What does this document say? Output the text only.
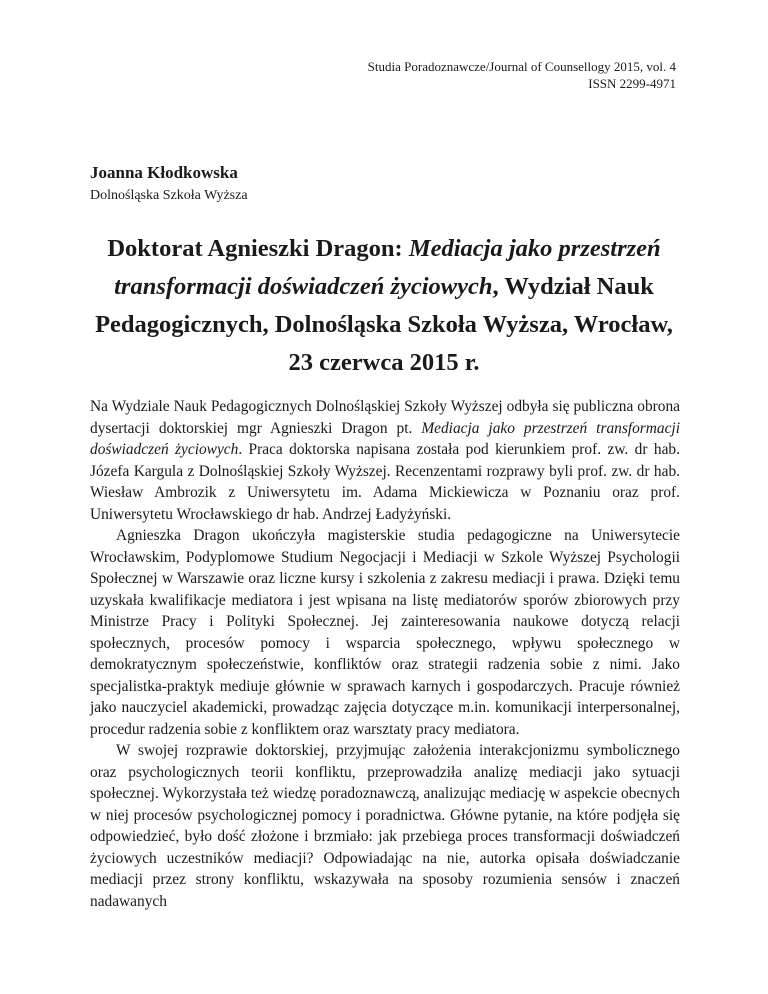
Studia Poradoznawcze/Journal of Counsellogy 2015, vol. 4
ISSN 2299-4971
Joanna Kłodkowska
Dolnośląska Szkoła Wyższa
Doktorat Agnieszki Dragon: Mediacja jako przestrzeń transformacji doświadczeń życiowych, Wydział Nauk Pedagogicznych, Dolnośląska Szkoła Wyższa, Wrocław, 23 czerwca 2015 r.

Na Wydziale Nauk Pedagogicznych Dolnośląskiej Szkoły Wyższej odbyła się publiczna obrona dysertacji doktorskiej mgr Agnieszki Dragon pt. Mediacja jako przestrzeń transformacji doświadczeń życiowych. Praca doktorska napisana została pod kierunkiem prof. zw. dr hab. Józefa Kargula z Dolnośląskiej Szkoły Wyższej. Recenzentami rozprawy byli prof. zw. dr hab. Wiesław Ambrozik z Uniwersytetu im. Adama Mickiewicza w Poznaniu oraz prof. Uniwersytetu Wrocławskiego dr hab. Andrzej Ładyżyński.

Agnieszka Dragon ukończyła magisterskie studia pedagogiczne na Uniwersytecie Wrocławskim, Podyplomowe Studium Negocjacji i Mediacji w Szkole Wyższej Psychologii Społecznej w Warszawie oraz liczne kursy i szkolenia z zakresu mediacji i prawa. Dzięki temu uzyskała kwalifikacje mediatora i jest wpisana na listę mediatorów sporów zbiorowych przy Ministrze Pracy i Polityki Społecznej. Jej zainteresowania naukowe dotyczą relacji społecznych, procesów pomocy i wsparcia społecznego, wpływu społecznego w demokratycznym społeczeństwie, konfliktów oraz strategii radzenia sobie z nimi. Jako specjalistka-praktyk mediuje głównie w sprawach karnych i gospodarczych. Pracuje również jako nauczyciel akademicki, prowadząc zajęcia dotyczące m.in. komunikacji interpersonalnej, procedur radzenia sobie z konfliktem oraz warsztaty pracy mediatora.

W swojej rozprawie doktorskiej, przyjmując założenia interakcjonizmu symbolicznego oraz psychologicznych teorii konfliktu, przeprowadziła analizę mediacji jako sytuacji społecznej. Wykorzystała też wiedzę poradoznawczą, analizując mediację w aspekcie obecnych w niej procesów psychologicznej pomocy i poradnictwa. Główne pytanie, na które podjęła się odpowiedzieć, było dość złożone i brzmiało: jak przebiega proces transformacji doświadczeń życiowych uczestników mediacji? Odpowiadając na nie, autorka opisała doświadczanie mediacji przez strony konfliktu, wskazywała na sposoby rozumienia sensów i znaczeń nadawanych
